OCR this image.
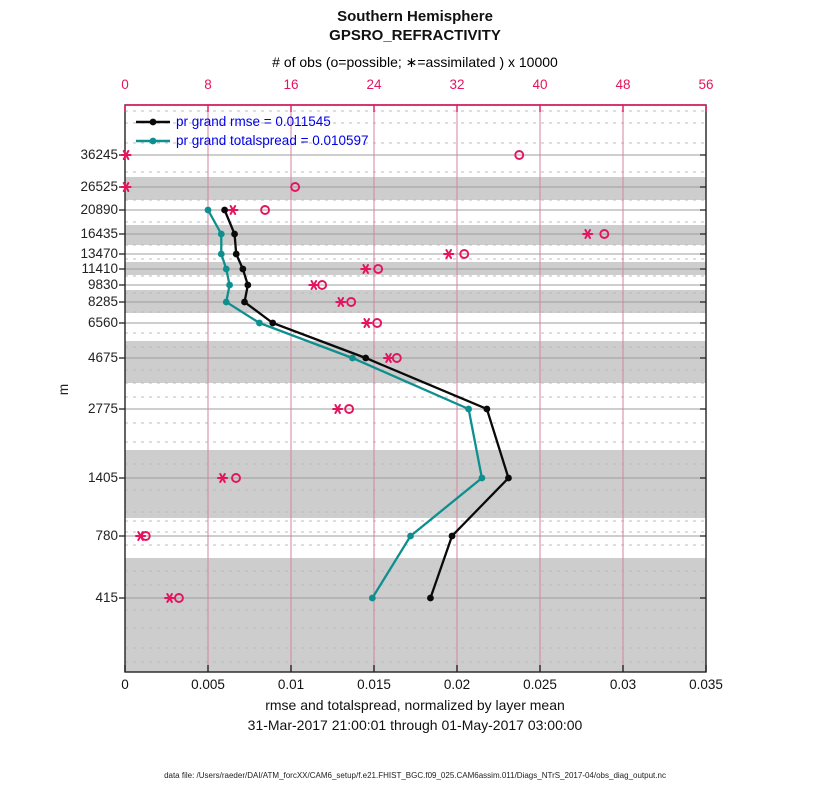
Southern Hemisphere
GPSRO_REFRACTIVITY
# of obs (o=possible; ∗=assimilated ) x 10000
0	8	16	24	32	40	48	56
0	0.005	0.01	0.015	0.02	0.025	0.03	0.035
36245
26525
20890
16435
13470
11410
9830
8285
6560
4675
2775
1405
780
415
m
pr grand rmse = 0.011545
pr grand totalspread = 0.010597
rmse and totalspread, normalized by layer mean
31-Mar-2017 21:00:01 through 01-May-2017 03:00:00
data file: /Users/raeder/DAI/ATM_forcXX/CAM6_setup/f.e21.FHIST_BGC.f09_025.CAM6assim.011/Diags_NTrS_2017-04/obs_diag_output.nc
